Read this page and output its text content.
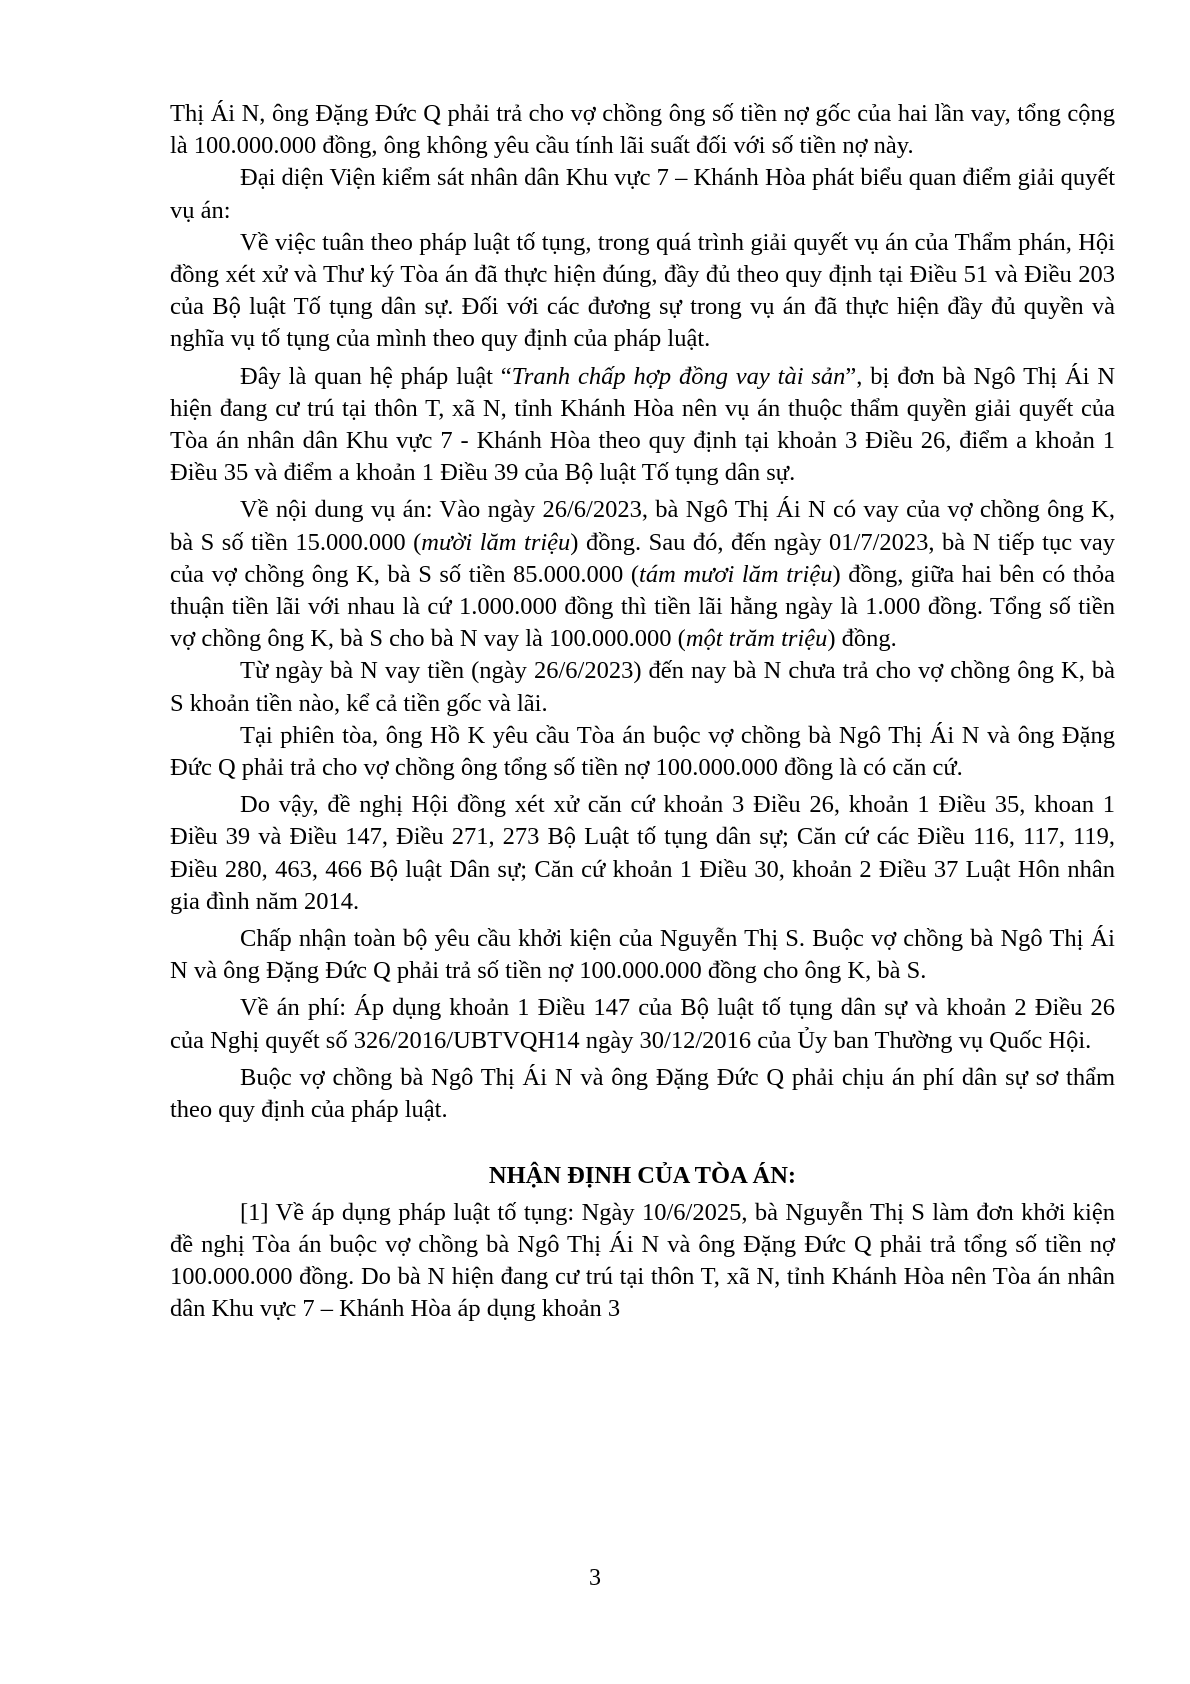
Thị Ái N, ông Đặng Đức Q phải trả cho vợ chồng ông số tiền nợ gốc của hai lần vay, tổng cộng là 100.000.000 đồng, ông không yêu cầu tính lãi suất đối với số tiền nợ này.

Đại diện Viện kiểm sát nhân dân Khu vực 7 – Khánh Hòa phát biểu quan điểm giải quyết vụ án:

Về việc tuân theo pháp luật tố tụng, trong quá trình giải quyết vụ án của Thẩm phán, Hội đồng xét xử và Thư ký Tòa án đã thực hiện đúng, đầy đủ theo quy định tại Điều 51 và Điều 203 của Bộ luật Tố tụng dân sự. Đối với các đương sự trong vụ án đã thực hiện đầy đủ quyền và nghĩa vụ tố tụng của mình theo quy định của pháp luật.

Đây là quan hệ pháp luật “Tranh chấp hợp đồng vay tài sản”, bị đơn bà Ngô Thị Ái N hiện đang cư trú tại thôn T, xã N, tỉnh Khánh Hòa nên vụ án thuộc thẩm quyền giải quyết của Tòa án nhân dân Khu vực 7 - Khánh Hòa theo quy định tại khoản 3 Điều 26, điểm a khoản 1 Điều 35 và điểm a khoản 1 Điều 39 của Bộ luật Tố tụng dân sự.

Về nội dung vụ án: Vào ngày 26/6/2023, bà Ngô Thị Ái N có vay của vợ chồng ông K, bà S số tiền 15.000.000 (mười lăm triệu) đồng. Sau đó, đến ngày 01/7/2023, bà N tiếp tục vay của vợ chồng ông K, bà S số tiền 85.000.000 (tám mươi lăm triệu) đồng, giữa hai bên có thỏa thuận tiền lãi với nhau là cứ 1.000.000 đồng thì tiền lãi hằng ngày là 1.000 đồng. Tổng số tiền vợ chồng ông K, bà S cho bà N vay là 100.000.000 (một trăm triệu) đồng.

Từ ngày bà N vay tiền (ngày 26/6/2023) đến nay bà N chưa trả cho vợ chồng ông K, bà S khoản tiền nào, kể cả tiền gốc và lãi.

Tại phiên tòa, ông Hồ K yêu cầu Tòa án buộc vợ chồng bà Ngô Thị Ái N và ông Đặng Đức Q phải trả cho vợ chồng ông tổng số tiền nợ 100.000.000 đồng là có căn cứ.

Do vậy, đề nghị Hội đồng xét xử căn cứ khoản 3 Điều 26, khoản 1 Điều 35, khoan 1 Điều 39 và Điều 147, Điều 271, 273 Bộ Luật tố tụng dân sự; Căn cứ các Điều 116, 117, 119, Điều 280, 463, 466 Bộ luật Dân sự; Căn cứ khoản 1 Điều 30, khoản 2 Điều 37 Luật Hôn nhân gia đình năm 2014.

Chấp nhận toàn bộ yêu cầu khởi kiện của Nguyễn Thị S. Buộc vợ chồng bà Ngô Thị Ái N và ông Đặng Đức Q phải trả số tiền nợ 100.000.000 đồng cho ông K, bà S.

Về án phí: Áp dụng khoản 1 Điều 147 của Bộ luật tố tụng dân sự và khoản 2 Điều 26 của Nghị quyết số 326/2016/UBTVQH14 ngày 30/12/2016 của Ủy ban Thường vụ Quốc Hội.

Buộc vợ chồng bà Ngô Thị Ái N và ông Đặng Đức Q phải chịu án phí dân sự sơ thẩm theo quy định của pháp luật.

NHẬN ĐỊNH CỦA TÒA ÁN:

[1] Về áp dụng pháp luật tố tụng: Ngày 10/6/2025, bà Nguyễn Thị S làm đơn khởi kiện đề nghị Tòa án buộc vợ chồng bà Ngô Thị Ái N và ông Đặng Đức Q phải trả tổng số tiền nợ 100.000.000 đồng. Do bà N hiện đang cư trú tại thôn T, xã N, tỉnh Khánh Hòa nên Tòa án nhân dân Khu vực 7 – Khánh Hòa áp dụng khoản 3

3
